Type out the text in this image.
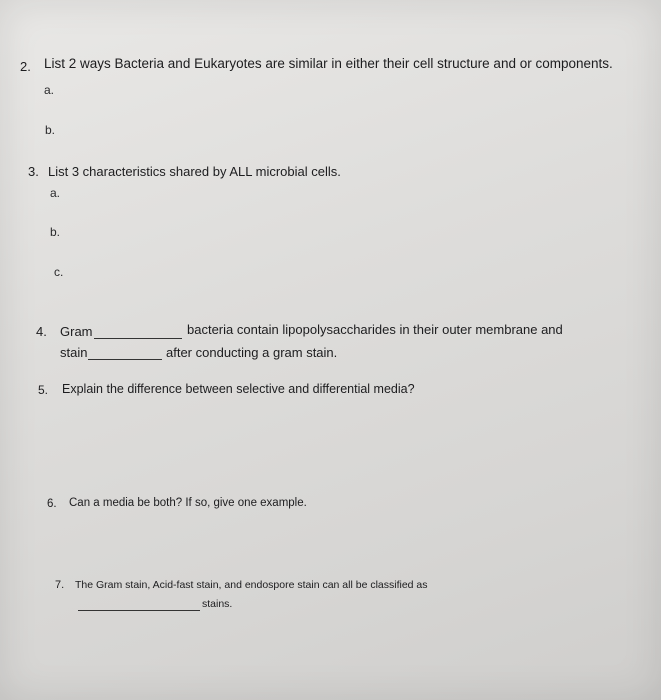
2. List 2 ways Bacteria and Eukaryotes are similar in either their cell structure and or components.
a.
b.
3. List 3 characteristics shared by ALL microbial cells.
a.
b.
c.
4. Gram	bacteria contain lipopolysaccharides in their outer membrane and
stain	after conducting a gram stain.
5. Explain the difference between selective and differential media?
6. Can a media be both? If so, give one example.
7. The Gram stain, Acid-fast stain, and endospore stain can all be classified as
stains.
